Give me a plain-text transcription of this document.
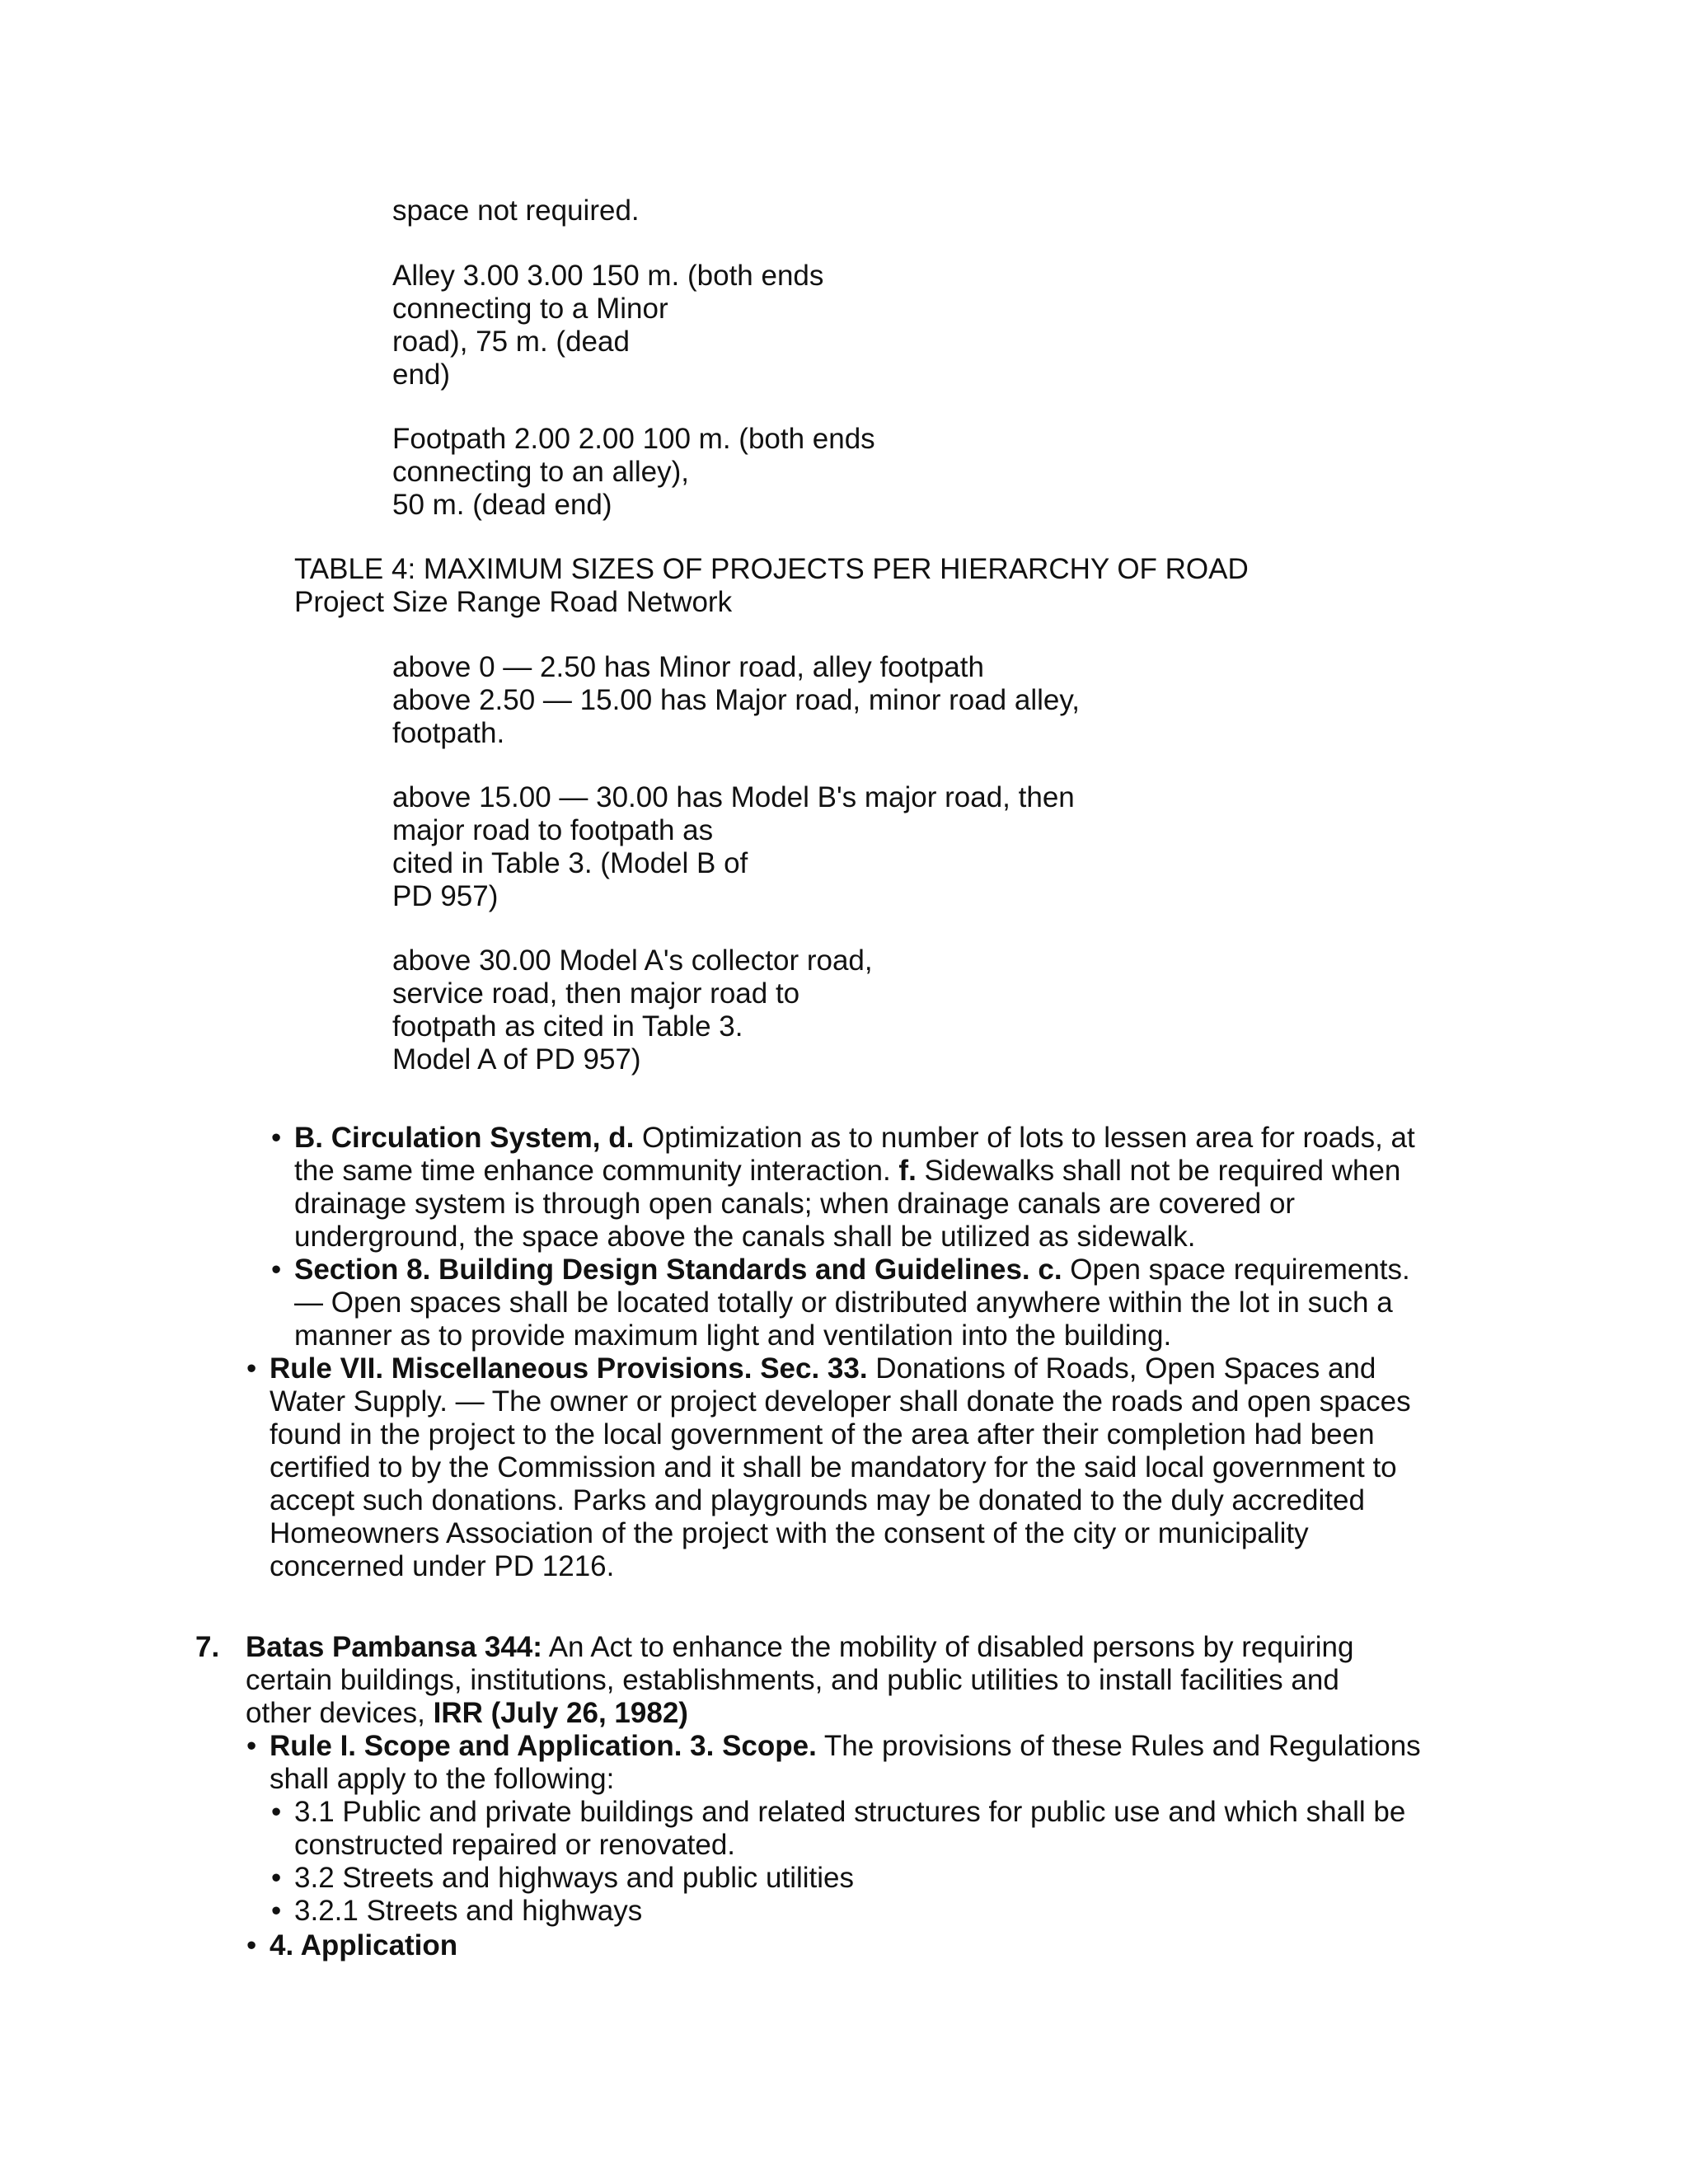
space not required.
Alley 3.00 3.00 150 m. (both ends
connecting to a Minor
road), 75 m. (dead
end)
Footpath 2.00 2.00 100 m. (both ends
connecting to an alley),
50 m. (dead end)
TABLE 4: MAXIMUM SIZES OF PROJECTS PER HIERARCHY OF ROAD
Project Size Range Road Network
above 0 — 2.50 has Minor road, alley footpath
above 2.50 — 15.00 has Major road, minor road alley,
footpath.
above 15.00 — 30.00 has Model B's major road, then
major road to footpath as
cited in Table 3. (Model B of
PD 957)
above 30.00 Model A's collector road,
service road, then major road to
footpath as cited in Table 3.
Model A of PD 957)
• B. Circulation System, d. Optimization as to number of lots to lessen area for roads, at
the same time enhance community interaction. f. Sidewalks shall not be required when
drainage system is through open canals; when drainage canals are covered or
underground, the space above the canals shall be utilized as sidewalk.
• Section 8. Building Design Standards and Guidelines. c. Open space requirements.
— Open spaces shall be located totally or distributed anywhere within the lot in such a
manner as to provide maximum light and ventilation into the building.
• Rule VII. Miscellaneous Provisions. Sec. 33. Donations of Roads, Open Spaces and
Water Supply. — The owner or project developer shall donate the roads and open spaces
found in the project to the local government of the area after their completion had been
certified to by the Commission and it shall be mandatory for the said local government to
accept such donations. Parks and playgrounds may be donated to the duly accredited
Homeowners Association of the project with the consent of the city or municipality
concerned under PD 1216.
7. Batas Pambansa 344: An Act to enhance the mobility of disabled persons by requiring
certain buildings, institutions, establishments, and public utilities to install facilities and
other devices, IRR (July 26, 1982)
• Rule I. Scope and Application. 3. Scope. The provisions of these Rules and Regulations
shall apply to the following:
• 3.1 Public and private buildings and related structures for public use and which shall be
constructed repaired or renovated.
• 3.2 Streets and highways and public utilities
• 3.2.1 Streets and highways
• 4. Application
